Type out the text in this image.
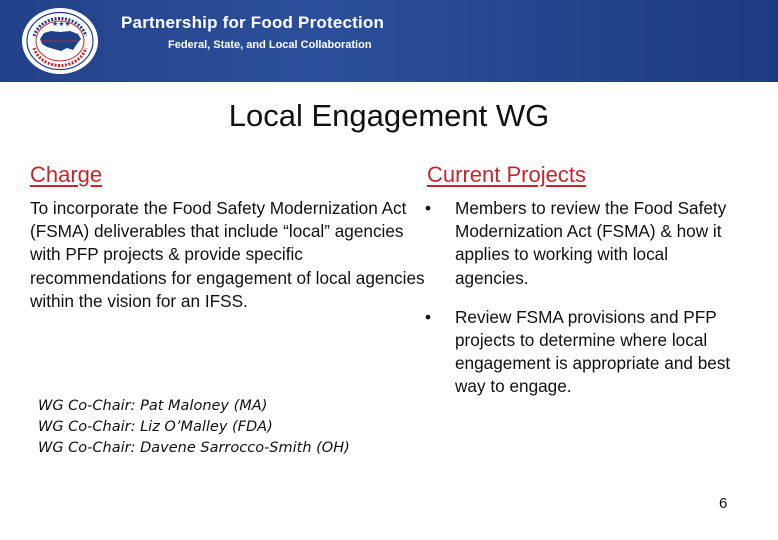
★★★	Partnership for Food Protection
Federal, State, and Local Collaboration
Local Engagement WG
Charge	Current Projects
To incorporate the Food Safety Modernization Act (FSMA) deliverables that include “local” agencies with PFP projects & provide specific recommendations for engagement of local agencies within the vision for an IFSS.
WG Co-Chair: Pat Maloney (MA)
WG Co-Chair: Liz O’Malley (FDA)
WG Co-Chair: Davene Sarrocco-Smith (OH)
• Members to review the Food Safety Modernization Act (FSMA) & how it applies to working with local agencies.
• Review FSMA provisions and PFP projects to determine where local engagement is appropriate and best way to engage.
6
